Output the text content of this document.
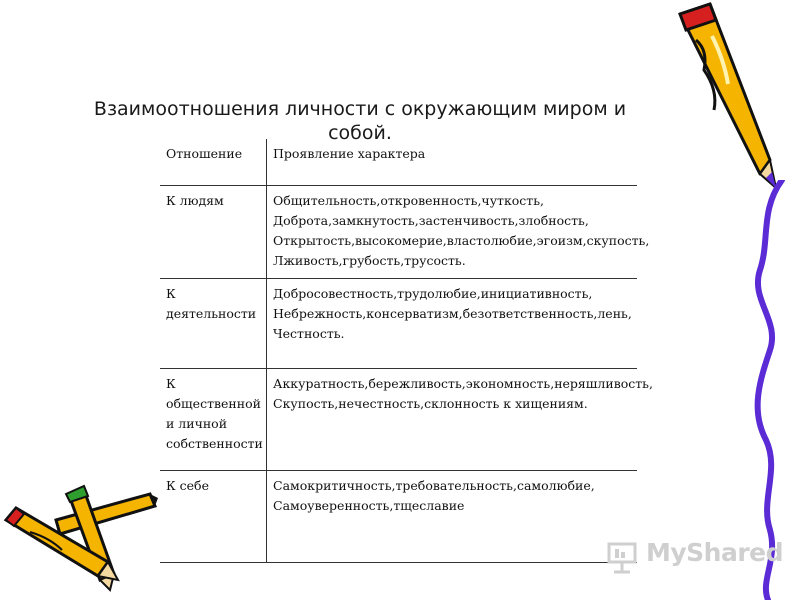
Взаимоотношения личности с окружающим миром и собой.
Отношение	Проявление характера

К людям	Общительность,откровенность,чуткость,
Доброта,замкнутость,застенчивость,злобность,
Открытость,высокомерие,властолюбие,эгоизм,скупость,
Лживость,грубость,трусость.

К
деятельности	Добросовестность,трудолюбие,инициативность,
Небрежность,консерватизм,безответственность,лень,
Честность.

К
общественной
и личной
собственности	Аккуратность,бережливость,экономность,неряшливость,
Скупость,нечестность,склонность к хищениям.

К себе	Самокритичность,требовательность,самолюбие,
Самоуверенность,тщеславие
MyShared
